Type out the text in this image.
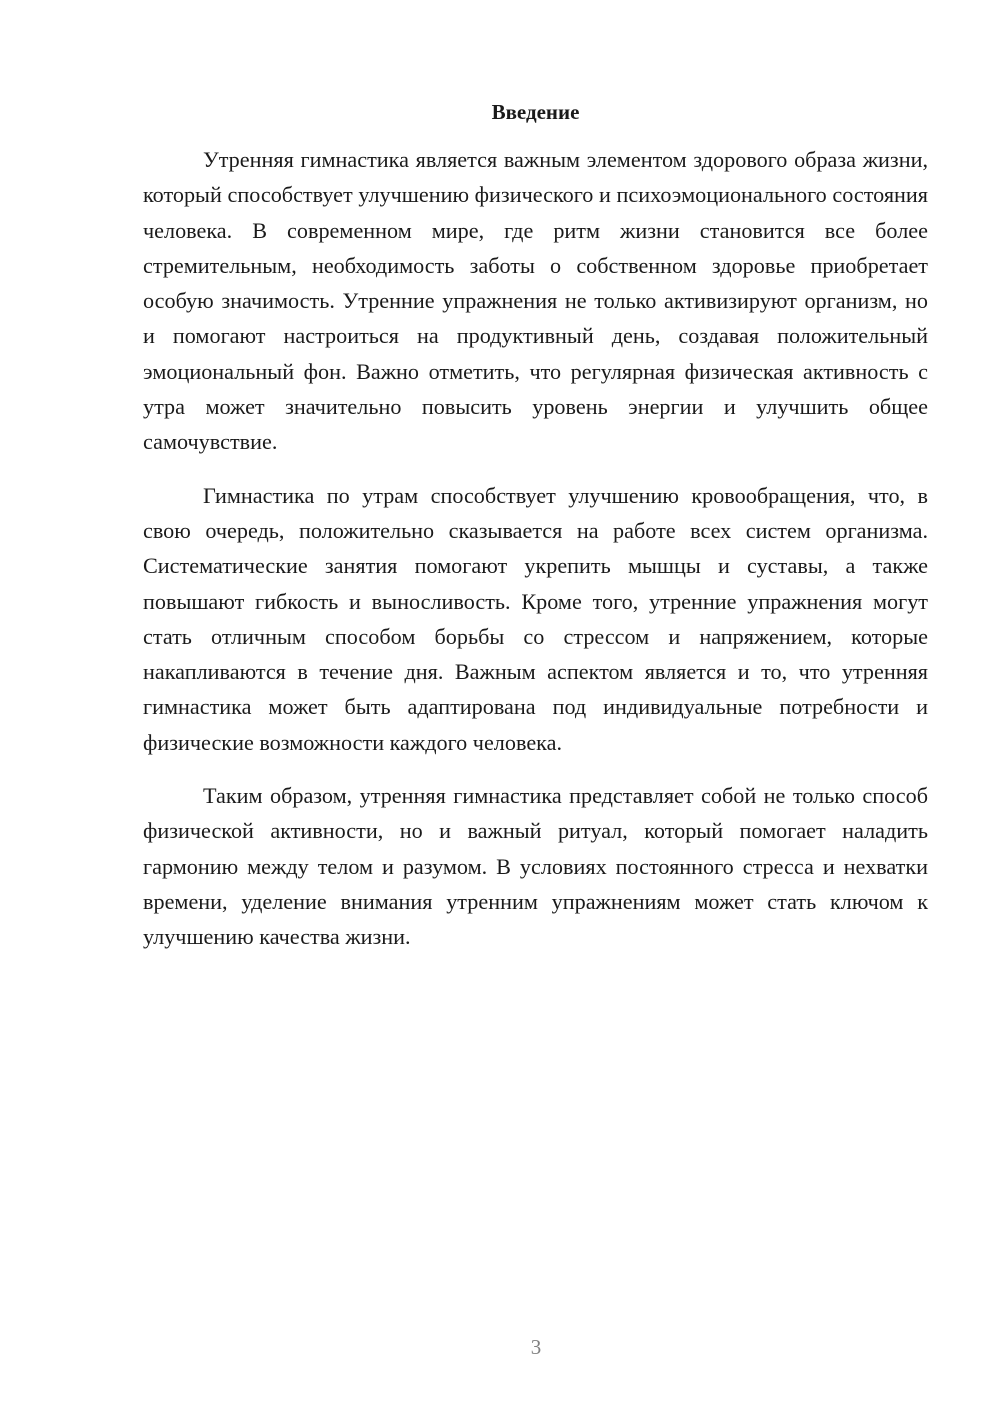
Введение

Утренняя гимнастика является важным элементом здорового образа жизни, который способствует улучшению физического и психоэмоционального состояния человека. В современном мире, где ритм жизни становится все более стремительным, необходимость заботы о собственном здоровье приобретает особую значимость. Утренние упражнения не только активизируют организм, но и помогают настроиться на продуктивный день, создавая положительный эмоциональный фон. Важно отметить, что регулярная физическая активность с утра может значительно повысить уровень энергии и улучшить общее самочувствие.

Гимнастика по утрам способствует улучшению кровообращения, что, в свою очередь, положительно сказывается на работе всех систем организма. Систематические занятия помогают укрепить мышцы и суставы, а также повышают гибкость и выносливость. Кроме того, утренние упражнения могут стать отличным способом борьбы со стрессом и напряжением, которые накапливаются в течение дня. Важным аспектом является и то, что утренняя гимнастика может быть адаптирована под индивидуальные потребности и физические возможности каждого человека.

Таким образом, утренняя гимнастика представляет собой не только способ физической активности, но и важный ритуал, который помогает наладить гармонию между телом и разумом. В условиях постоянного стресса и нехватки времени, уделение внимания утренним упражнениям может стать ключом к улучшению качества жизни.

3
